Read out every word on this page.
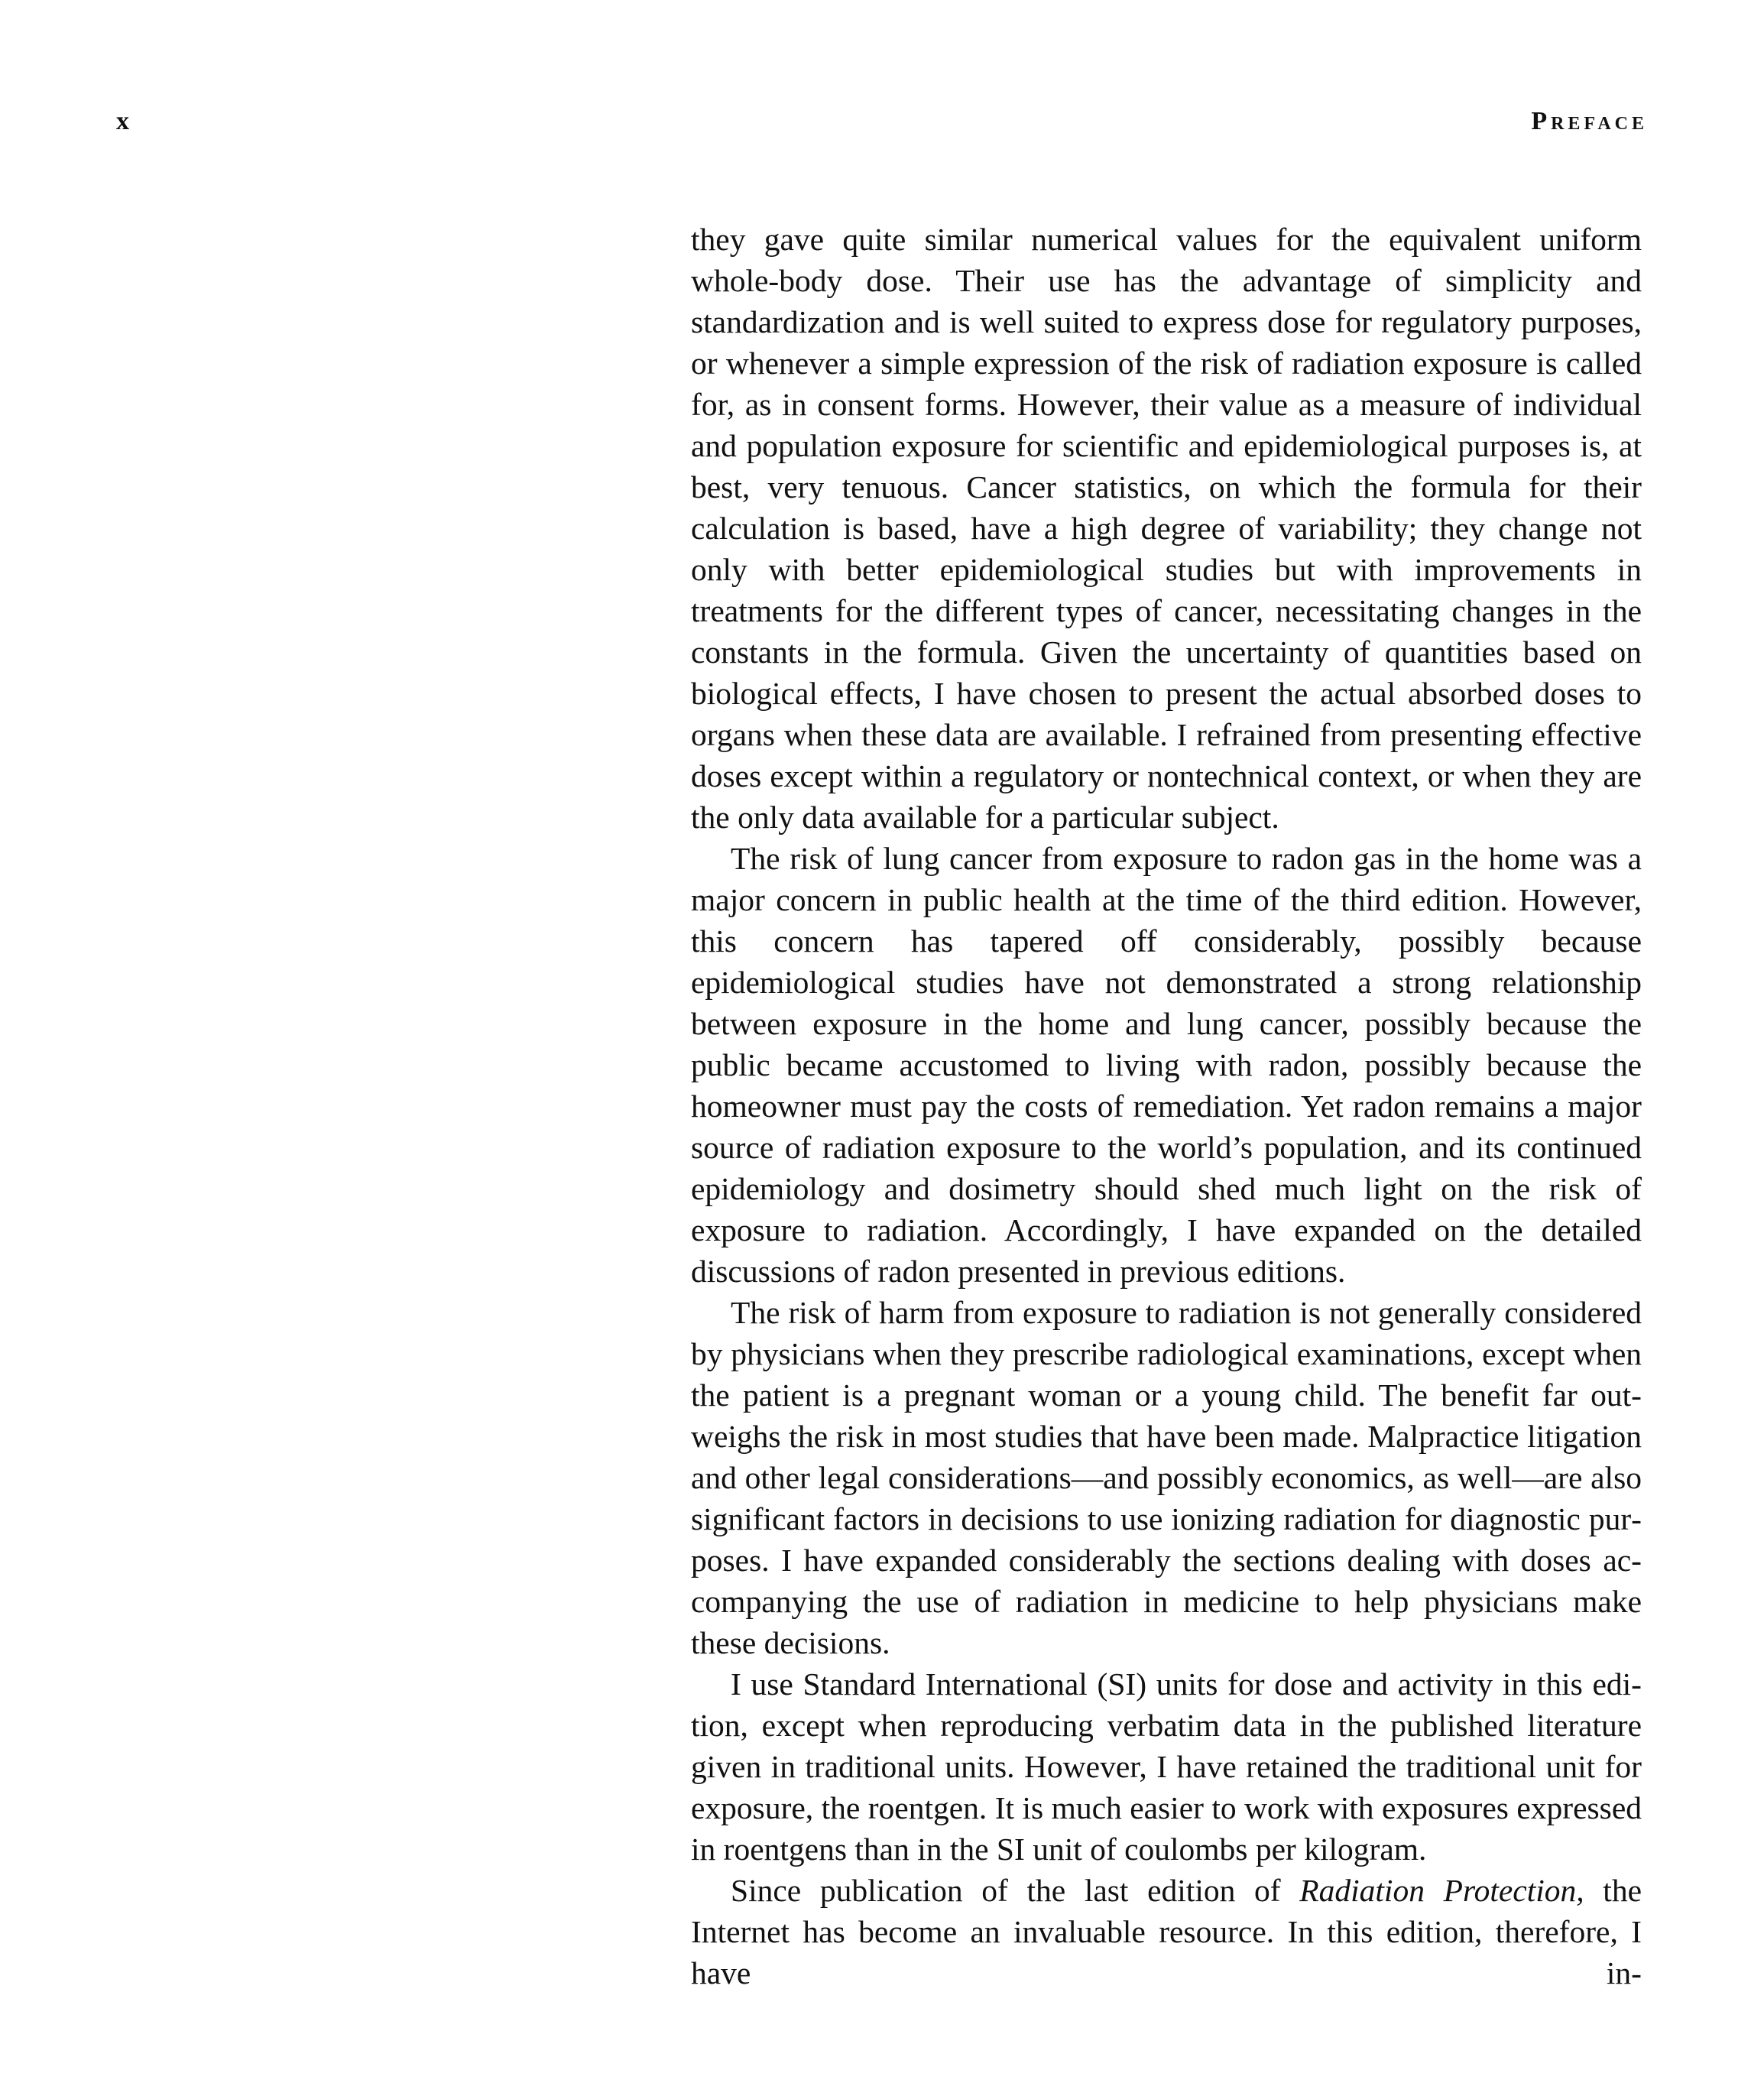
x	Preface

they gave quite similar numerical values for the equivalent uniform whole-body dose. Their use has the advantage of simplicity and standardization and is well suited to express dose for regulatory purposes, or whenever a simple expression of the risk of radiation exposure is called for, as in consent forms. However, their value as a measure of individual and population exposure for scientific and epidemiological purposes is, at best, very tenuous. Cancer statistics, on which the formula for their calculation is based, have a high degree of variability; they change not only with better epidemiological studies but with improvements in treatments for the different types of cancer, necessitating changes in the constants in the formula. Given the uncertainty of quantities based on biological effects, I have chosen to present the actual absorbed doses to organs when these data are available. I refrained from presenting effective doses except within a regulatory or nontechnical context, or when they are the only data available for a particular subject.

The risk of lung cancer from exposure to radon gas in the home was a major concern in public health at the time of the third edition. However, this concern has tapered off considerably, possibly because epidemiological studies have not demonstrated a strong relationship between exposure in the home and lung cancer, possibly because the public became accustomed to living with radon, possibly because the homeowner must pay the costs of remediation. Yet radon remains a major source of radiation exposure to the world’s population, and its continued epidemiology and dosimetry should shed much light on the risk of exposure to radiation. Accordingly, I have expanded on the detailed discussions of radon presented in previous editions.

The risk of harm from exposure to radiation is not generally considered by physicians when they prescribe radiological examinations, except when the patient is a pregnant woman or a young child. The benefit far outweighs the risk in most studies that have been made. Malpractice litigation and other legal considerations—and possibly economics, as well—are also significant factors in decisions to use ionizing radiation for diagnostic purposes. I have expanded considerably the sections dealing with doses accompanying the use of radiation in medicine to help physicians make these decisions.

I use Standard International (SI) units for dose and activity in this edition, except when reproducing verbatim data in the published literature given in traditional units. However, I have retained the traditional unit for exposure, the roentgen. It is much easier to work with exposures expressed in roentgens than in the SI unit of coulombs per kilogram.

Since publication of the last edition of Radiation Protection, the Internet has become an invaluable resource. In this edition, therefore, I have in-
